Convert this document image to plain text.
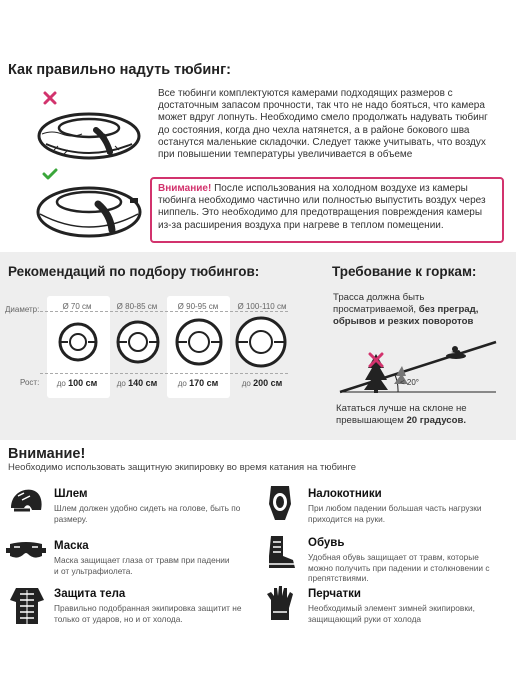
Как правильно надуть тюбинг:
Все тюбинги комплектуются камерами подходящих размеров с достаточным запасом прочности, так что не надо бояться, что камера может вдруг лопнуть. Необходимо смело продолжать надувать тюбинг до состояния, когда дно чехла натянется, а в районе бокового шва останутся маленькие складочки. Следует также учитывать, что воздух при повышении температуры увеличивается в объеме
Внимание! После использования на холодном воздухе из камеры тюбинга необходимо частично или полностью выпустить воздух через ниппель. Это необходимо для предотвращения повреждения камеры из-за расширения воздуха при нагреве в теплом помещении.
Рекомендаций по подбору тюбингов:
Диаметр:
Рост:
Ø 70 см
до 100 см
Ø 80-85 см
до 140 см
Ø 90-95 см
до 170 см
Ø 100-110 см
до 200 см
Требование к горкам:
Трасса должна быть просматриваемой, без преград, обрывов и резких поворотов
< 20°
Кататься лучше на склоне не превышающем 20 градусов.
Внимание!
Необходимо использовать защитную экипировку во время катания на тюбинге
Шлем
Шлем должен удобно сидеть на голове, быть по размеру.
Налокотники
При любом падении большая часть нагрузки приходится на руки.
Маска
Маска защищает глаза от травм при падении и от ультрафиолета.
Обувь
Удобная обувь защищает от травм, которые можно получить при падении и столкновении с препятствиями.
Защита тела
Правильно подобранная экипировка защитит не только от ударов, но и от холода.
Перчатки
Необходимый элемент зимней экипировки, защищающий руки от холода
